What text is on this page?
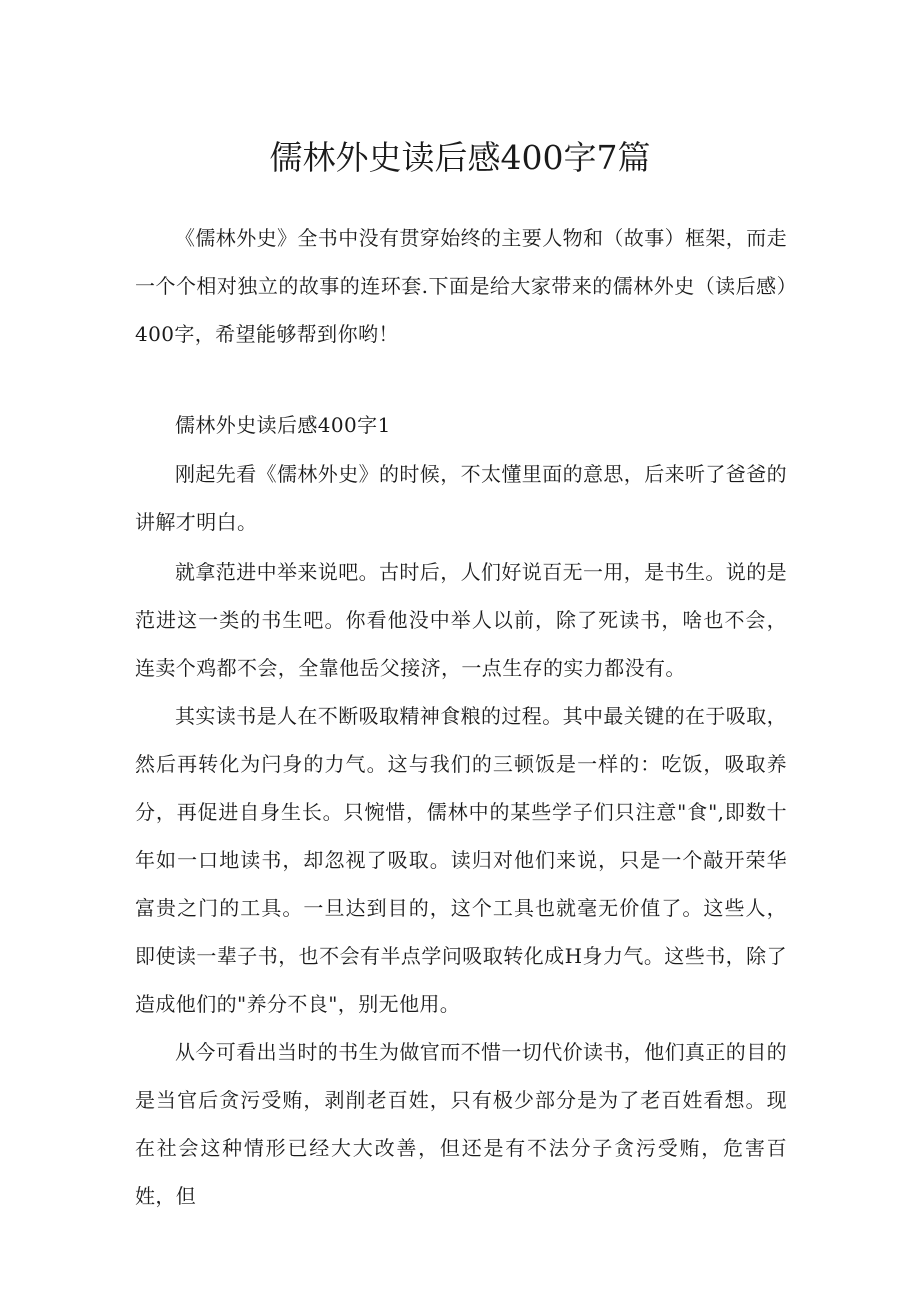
儒林外史读后感400字7篇

《儒林外史》全书中没有贯穿始终的主要人物和（故事）框架，而走一个个相对独立的故事的连环套.下面是给大家带来的儒林外史（读后感）400字，希望能够帮到你哟！

儒林外史读后感400字1

刚起先看《儒林外史》的时候，不太懂里面的意思，后来听了爸爸的讲解才明白。

就拿范进中举来说吧。古时后，人们好说百无一用，是书生。说的是范进这一类的书生吧。你看他没中举人以前，除了死读书，啥也不会，连卖个鸡都不会，全靠他岳父接济，一点生存的实力都没有。

其实读书是人在不断吸取精神食粮的过程。其中最关键的在于吸取，然后再转化为闩身的力气。这与我们的三顿饭是一样的：吃饭，吸取养分，再促进自身生长。只惋惜，儒林中的某些学子们只注意"食",即数十年如一口地读书，却忽视了吸取。读归对他们来说，只是一个敲开荣华富贵之门的工具。一旦达到目的，这个工具也就毫无价值了。这些人，即使读一辈子书，也不会有半点学问吸取转化成H身力气。这些书，除了造成他们的"养分不良"，别无他用。

从今可看出当时的书生为做官而不惜一切代价读书，他们真正的目的是当官后贪污受贿，剥削老百姓，只有极少部分是为了老百姓看想。现在社会这种情形已经大大改善，但还是有不法分子贪污受贿，危害百姓，但
